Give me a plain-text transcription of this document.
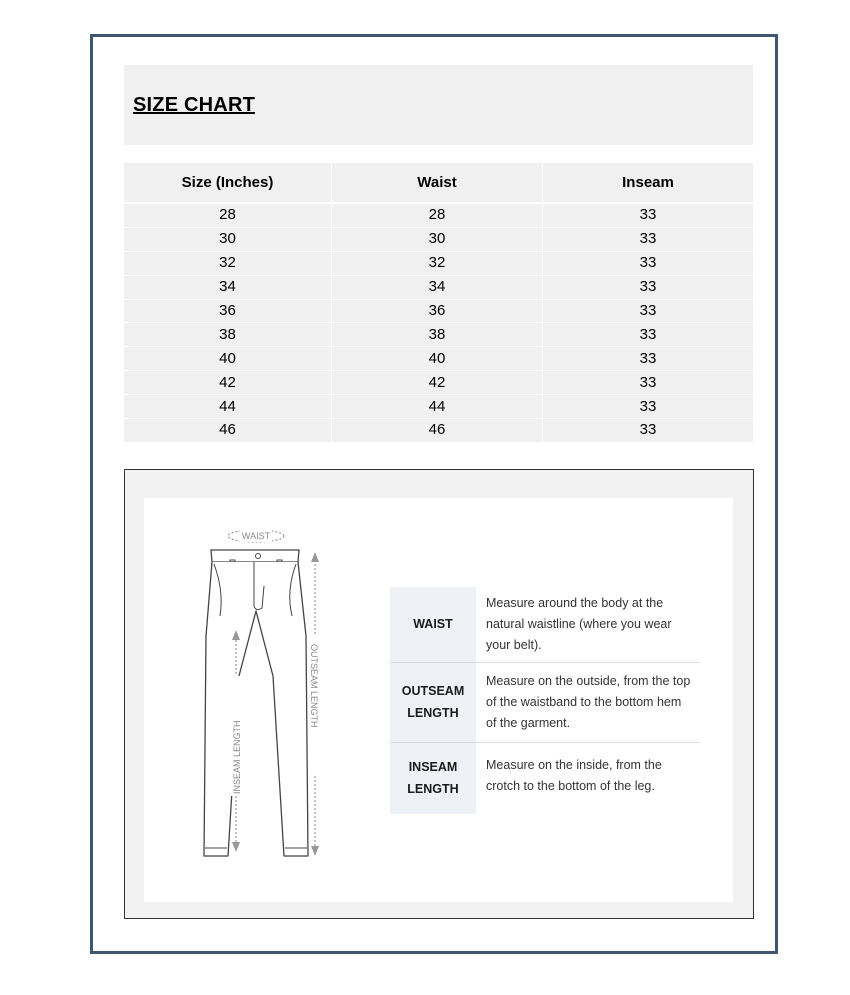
SIZE CHART
Size (Inches)	Waist	Inseam
28	28	33
30	30	33
32	32	33
34	34	33
36	36	33
38	38	33
40	40	33
42	42	33
44	44	33
46	46	33
WAIST
INSEAM LENGTH
OUTSEAM LENGTH
WAIST	Measure around the body at the natural waistline (where you wear your belt).
OUTSEAM
LENGTH	Measure on the outside, from the top of the waistband to the bottom hem of the garment.
INSEAM
LENGTH	Measure on the inside, from the crotch to the bottom of the leg.
